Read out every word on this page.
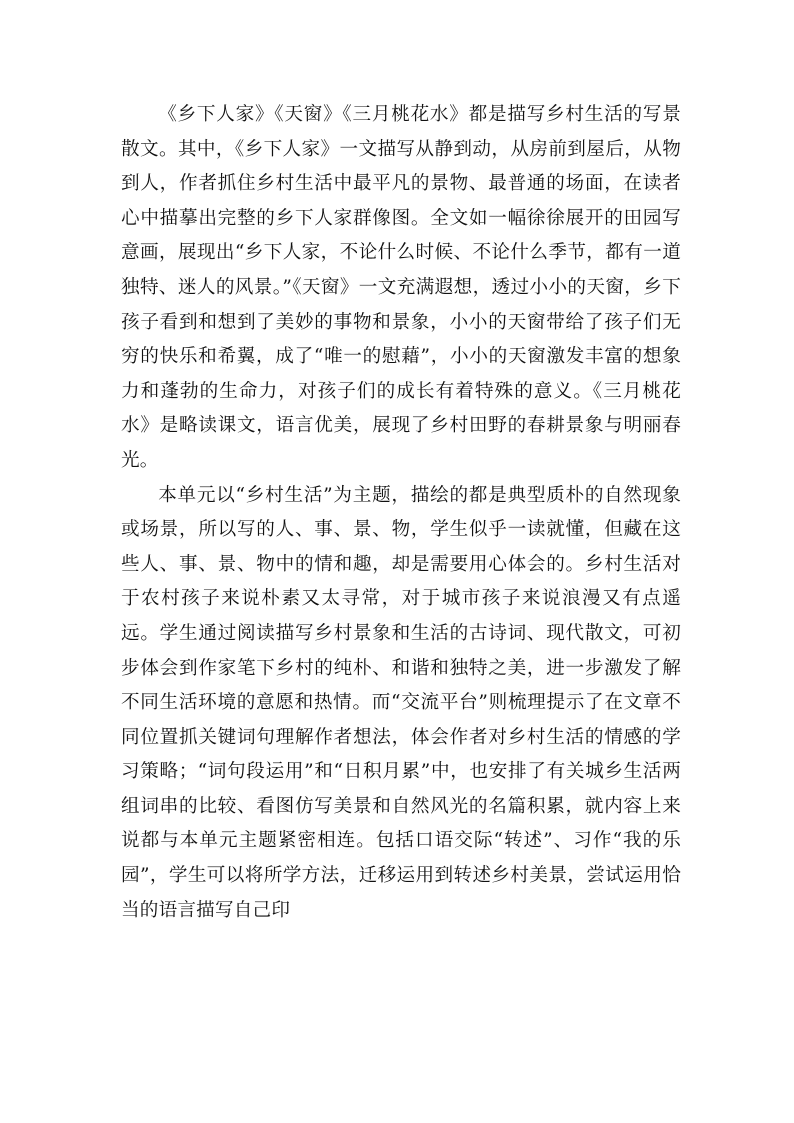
《乡下人家》《天窗》《三月桃花水》都是描写乡村生活的写景散文。其中，《乡下人家》一文描写从静到动，从房前到屋后，从物到人，作者抓住乡村生活中最平凡的景物、最普通的场面，在读者心中描摹出完整的乡下人家群像图。全文如一幅徐徐展开的田园写意画，展现出“乡下人家，不论什么时候、不论什么季节，都有一道独特、迷人的风景。”《天窗》一文充满遐想，透过小小的天窗，乡下孩子看到和想到了美妙的事物和景象，小小的天窗带给了孩子们无穷的快乐和希翼，成了“唯一的慰藉”，小小的天窗激发丰富的想象力和蓬勃的生命力，对孩子们的成长有着特殊的意义。《三月桃花水》是略读课文，语言优美，展现了乡村田野的春耕景象与明丽春光。

本单元以“乡村生活”为主题，描绘的都是典型质朴的自然现象或场景，所以写的人、事、景、物，学生似乎一读就懂，但藏在这些人、事、景、物中的情和趣，却是需要用心体会的。乡村生活对于农村孩子来说朴素又太寻常，对于城市孩子来说浪漫又有点遥远。学生通过阅读描写乡村景象和生活的古诗词、现代散文，可初步体会到作家笔下乡村的纯朴、和谐和独特之美，进一步激发了解不同生活环境的意愿和热情。而“交流平台”则梳理提示了在文章不同位置抓关键词句理解作者想法，体会作者对乡村生活的情感的学习策略；“词句段运用”和“日积月累”中，也安排了有关城乡生活两组词串的比较、看图仿写美景和自然风光的名篇积累，就内容上来说都与本单元主题紧密相连。包括口语交际“转述”、习作“我的乐园”，学生可以将所学方法，迁移运用到转述乡村美景，尝试运用恰当的语言描写自己印
